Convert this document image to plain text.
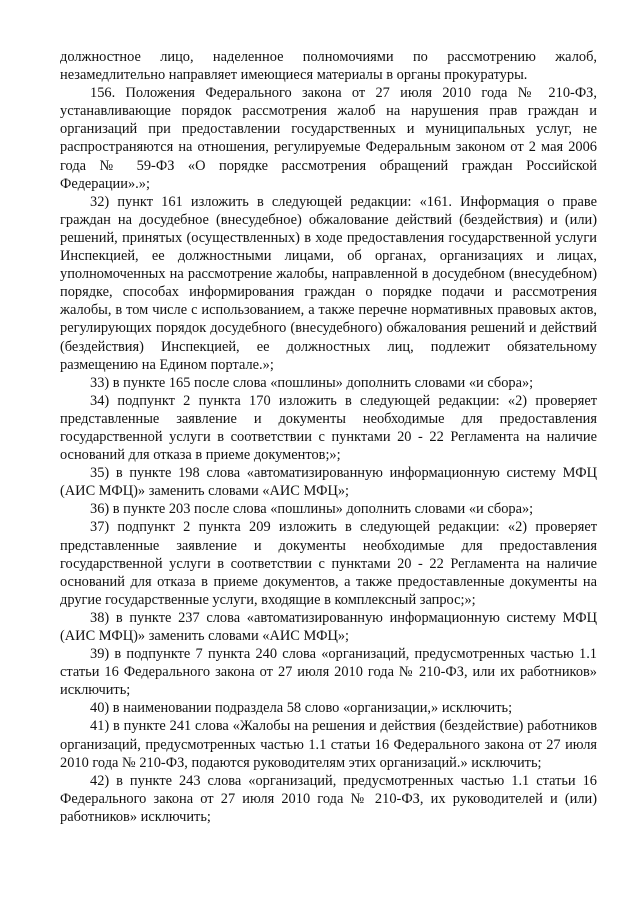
должностное лицо, наделенное полномочиями по рассмотрению жалоб, незамедлительно направляет имеющиеся материалы в органы прокуратуры.

156. Положения Федерального закона от 27 июля 2010 года № 210-ФЗ, устанавливающие порядок рассмотрения жалоб на нарушения прав граждан и организаций при предоставлении государственных и муниципальных услуг, не распространяются на отношения, регулируемые Федеральным законом от 2 мая 2006 года № 59-ФЗ «О порядке рассмотрения обращений граждан Российской Федерации».»;

32) пункт 161 изложить в следующей редакции: «161. Информация о праве граждан на досудебное (внесудебное) обжалование действий (бездействия) и (или) решений, принятых (осуществленных) в ходе предоставления государственной услуги Инспекцией, ее должностными лицами, об органах, организациях и лицах, уполномоченных на рассмотрение жалобы, направленной в досудебном (внесудебном) порядке, способах информирования граждан о порядке подачи и рассмотрения жалобы, в том числе с использованием, а также перечне нормативных правовых актов, регулирующих порядок досудебного (внесудебного) обжалования решений и действий (бездействия) Инспекцией, ее должностных лиц, подлежит обязательному размещению на Едином портале.»;

33) в пункте 165 после слова «пошлины» дополнить словами «и сбора»;

34) подпункт 2 пункта 170 изложить в следующей редакции: «2) проверяет представленные заявление и документы необходимые для предоставления государственной услуги в соответствии с пунктами 20 - 22 Регламента на наличие оснований для отказа в приеме документов;»;

35) в пункте 198 слова «автоматизированную информационную систему МФЦ (АИС МФЦ)» заменить словами «АИС МФЦ»;

36) в пункте 203 после слова «пошлины» дополнить словами «и сбора»;

37) подпункт 2 пункта 209 изложить в следующей редакции: «2) проверяет представленные заявление и документы необходимые для предоставления государственной услуги в соответствии с пунктами 20 - 22 Регламента на наличие оснований для отказа в приеме документов, а также предоставленные документы на другие государственные услуги, входящие в комплексный запрос;»;

38) в пункте 237 слова «автоматизированную информационную систему МФЦ (АИС МФЦ)» заменить словами «АИС МФЦ»;

39) в подпункте 7 пункта 240 слова «организаций, предусмотренных частью 1.1 статьи 16 Федерального закона от 27 июля 2010 года № 210-ФЗ, или их работников» исключить;

40) в наименовании подраздела 58 слово «организации,» исключить;

41) в пункте 241 слова «Жалобы на решения и действия (бездействие) работников организаций, предусмотренных частью 1.1 статьи 16 Федерального закона от 27 июля 2010 года № 210-ФЗ, подаются руководителям этих организаций.» исключить;

42) в пункте 243 слова «организаций, предусмотренных частью 1.1 статьи 16 Федерального закона от 27 июля 2010 года № 210-ФЗ, их руководителей и (или) работников» исключить;
